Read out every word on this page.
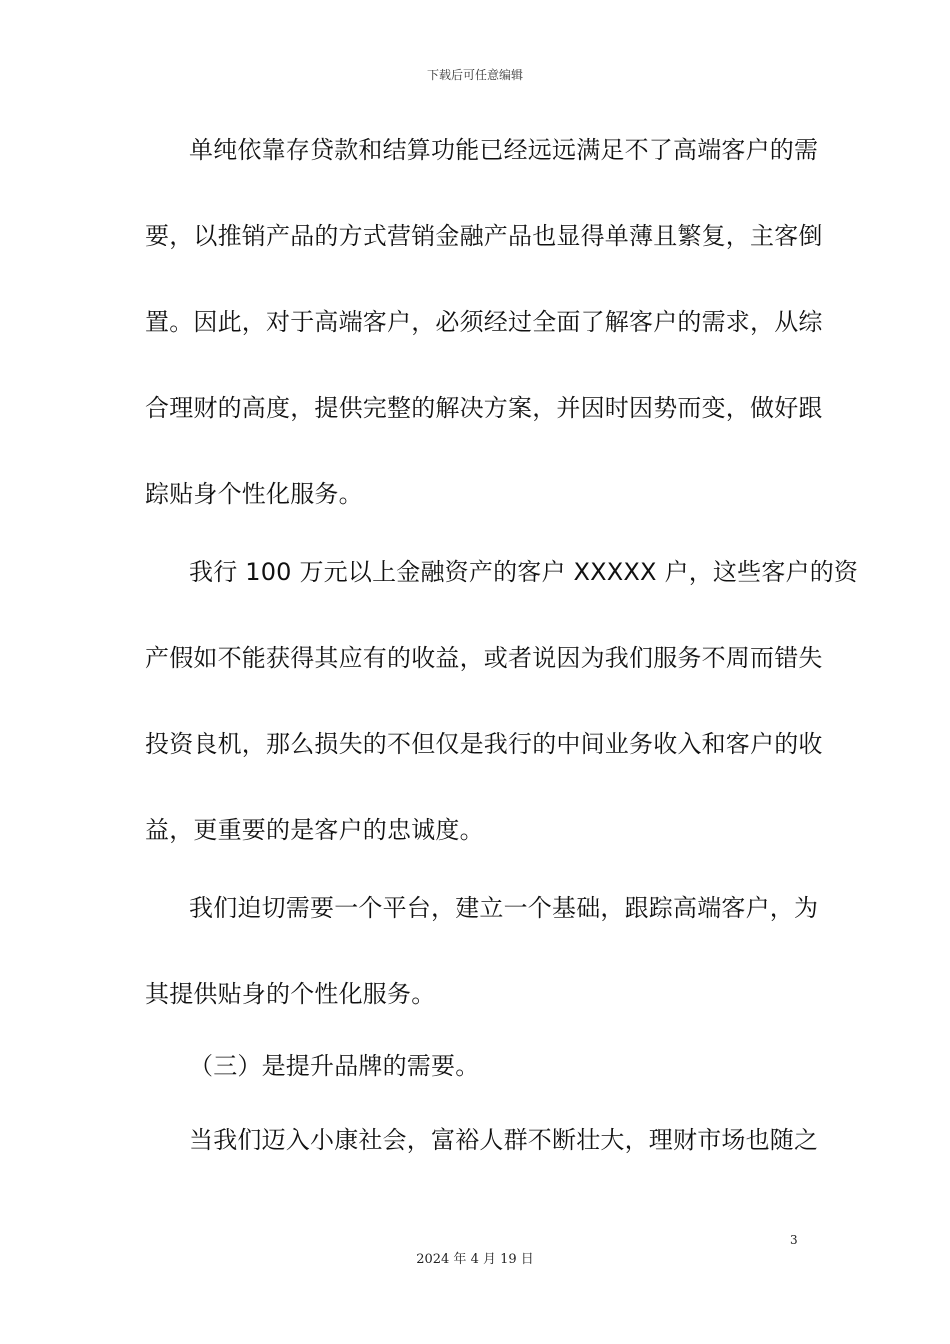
下载后可任意编辑
单纯依靠存贷款和结算功能已经远远满足不了高端客户的需
要，以推销产品的方式营销金融产品也显得单薄且繁复，主客倒
置。因此，对于高端客户，必须经过全面了解客户的需求，从综
合理财的高度，提供完整的解决方案，并因时因势而变，做好跟
踪贴身个性化服务。
我行 100 万元以上金融资产的客户 XXXXX 户，这些客户的资
产假如不能获得其应有的收益，或者说因为我们服务不周而错失
投资良机，那么损失的不但仅是我行的中间业务收入和客户的收
益，更重要的是客户的忠诚度。
我们迫切需要一个平台，建立一个基础，跟踪高端客户，为
其提供贴身的个性化服务。
（三）是提升品牌的需要。
当我们迈入小康社会，富裕人群不断壮大，理财市场也随之
3
2024 年 4 月 19 日
